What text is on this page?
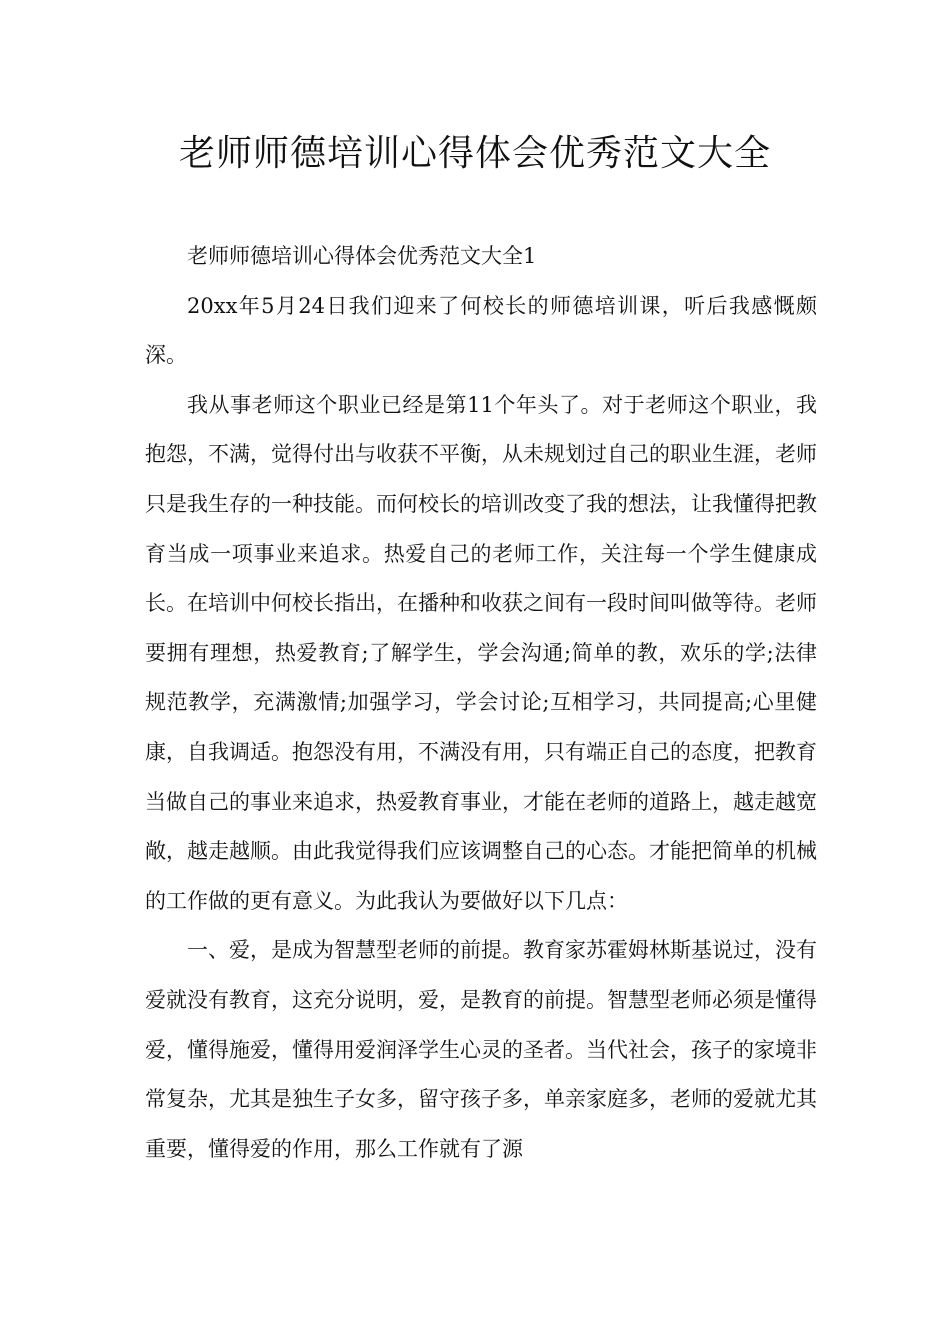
老师师德培训心得体会优秀范文大全

老师师德培训心得体会优秀范文大全1

20xx年5月24日我们迎来了何校长的师德培训课，听后我感慨颇深。

我从事老师这个职业已经是第11个年头了。对于老师这个职业，我抱怨，不满，觉得付出与收获不平衡，从未规划过自己的职业生涯，老师只是我生存的一种技能。而何校长的培训改变了我的想法，让我懂得把教育当成一项事业来追求。热爱自己的老师工作，关注每一个学生健康成长。在培训中何校长指出，在播种和收获之间有一段时间叫做等待。老师要拥有理想，热爱教育;了解学生，学会沟通;简单的教，欢乐的学;法律规范教学，充满激情;加强学习，学会讨论;互相学习，共同提高;心里健康，自我调适。抱怨没有用，不满没有用，只有端正自己的态度，把教育当做自己的事业来追求，热爱教育事业，才能在老师的道路上，越走越宽敞，越走越顺。由此我觉得我们应该调整自己的心态。才能把简单的机械的工作做的更有意义。为此我认为要做好以下几点：

一、爱，是成为智慧型老师的前提。教育家苏霍姆林斯基说过，没有爱就没有教育，这充分说明，爱，是教育的前提。智慧型老师必须是懂得爱，懂得施爱，懂得用爱润泽学生心灵的圣者。当代社会，孩子的家境非常复杂，尤其是独生子女多，留守孩子多，单亲家庭多，老师的爱就尤其重要，懂得爱的作用，那么工作就有了源
